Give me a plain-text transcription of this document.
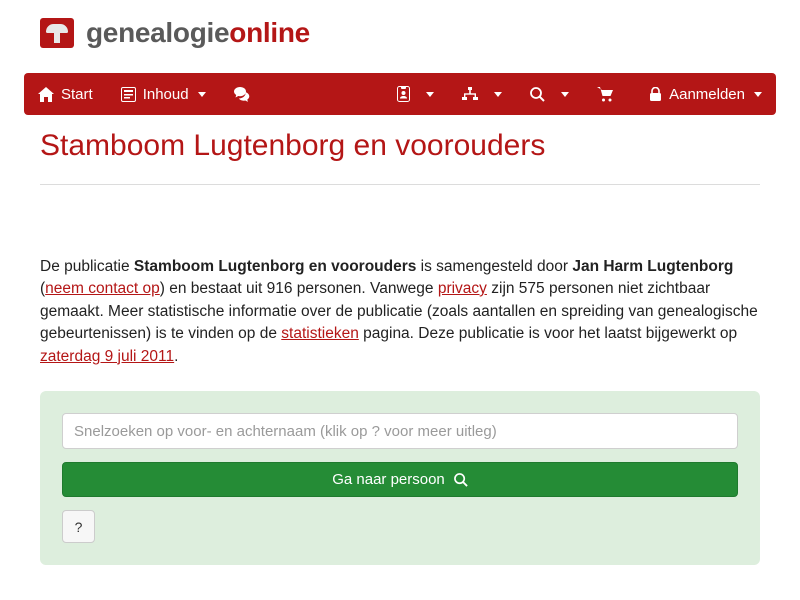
genealogieonline
Start	Inhoud	Aanmelden
Stamboom Lugtenborg en voorouders

De publicatie Stamboom Lugtenborg en voorouders is samengesteld door Jan Harm Lugtenborg (neem contact op) en bestaat uit 916 personen. Vanwege privacy zijn 575 personen niet zichtbaar gemaakt. Meer statistische informatie over de publicatie (zoals aantallen en spreiding van genealogische gebeurtenissen) is te vinden op de statistieken pagina. Deze publicatie is voor het laatst bijgewerkt op zaterdag 9 juli 2011.

Snelzoeken op voor- en achternaam (klik op ? voor meer uitleg)
Ga naar persoon
?
